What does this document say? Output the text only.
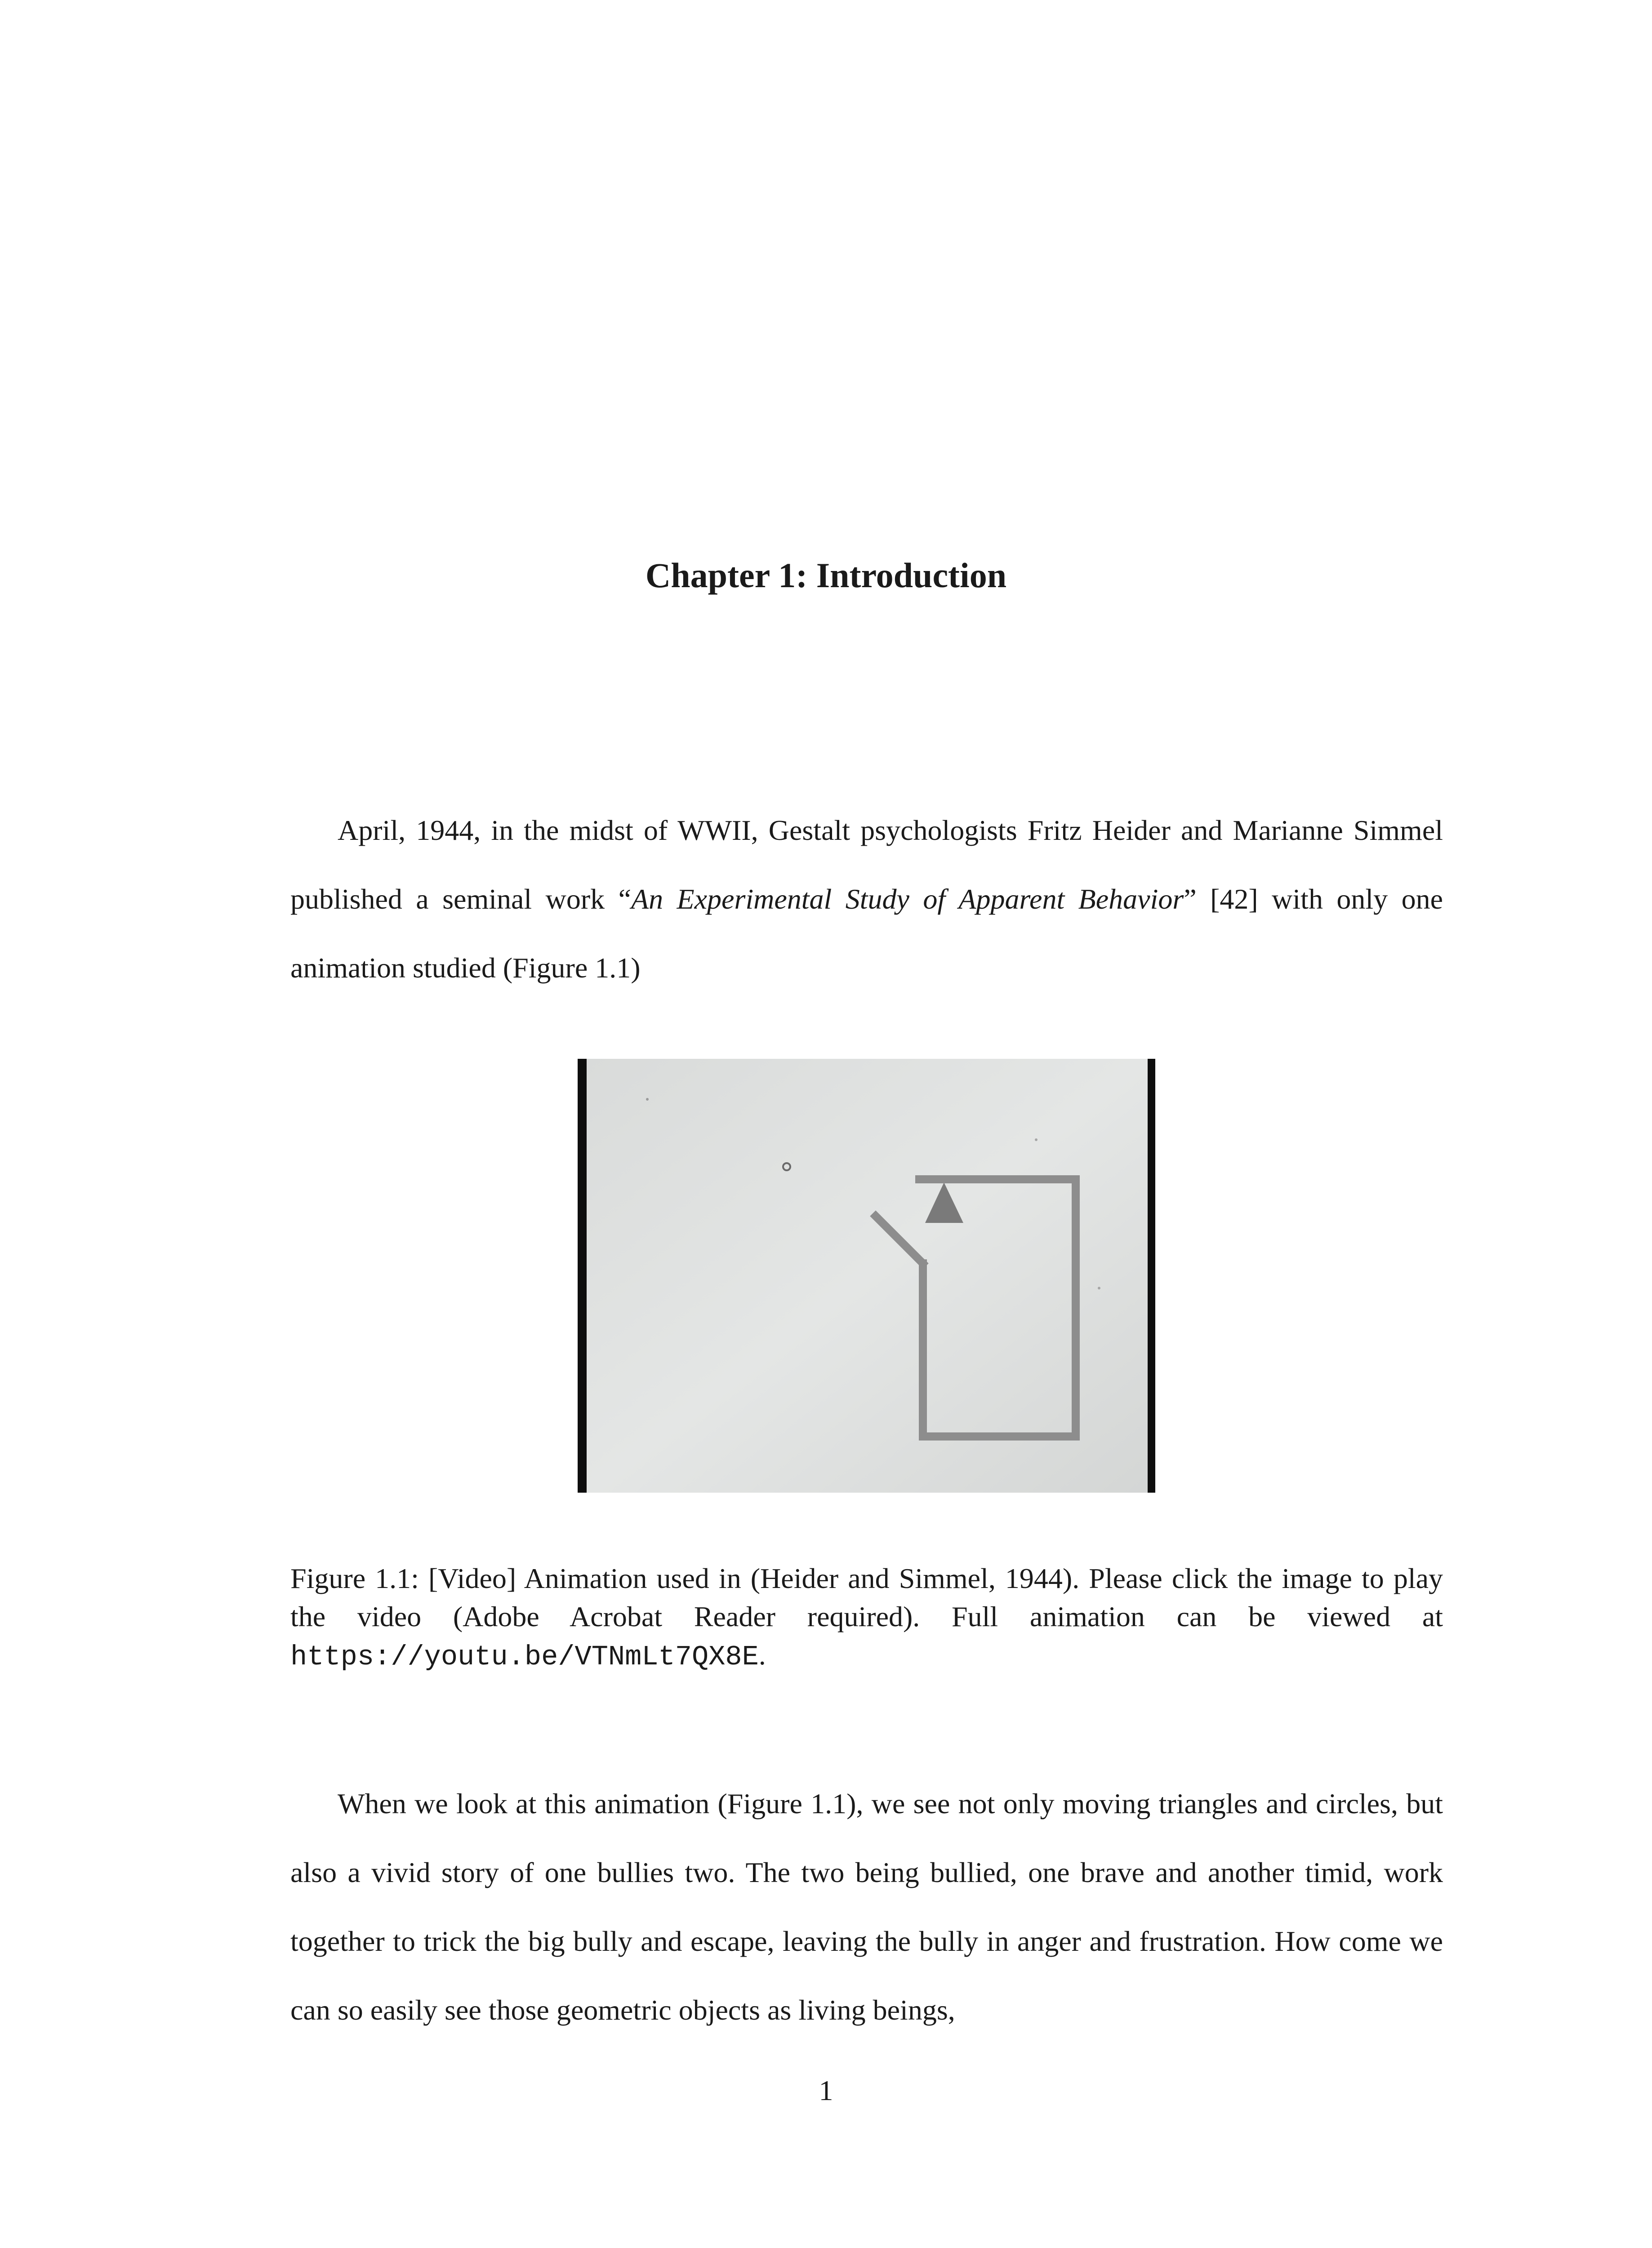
Chapter 1: Introduction

April, 1944, in the midst of WWII, Gestalt psychologists Fritz Heider and Marianne Simmel published a seminal work “An Experimental Study of Apparent Behavior” [42] with only one animation studied (Figure 1.1)

Figure 1.1: [Video] Animation used in (Heider and Simmel, 1944). Please click the image to play the video (Adobe Acrobat Reader required). Full animation can be viewed at https://youtu.be/VTNmLt7QX8E.

When we look at this animation (Figure 1.1), we see not only moving triangles and circles, but also a vivid story of one bullies two. The two being bullied, one brave and another timid, work together to trick the big bully and escape, leaving the bully in anger and frustration. How come we can so easily see those geometric objects as living beings,

1
